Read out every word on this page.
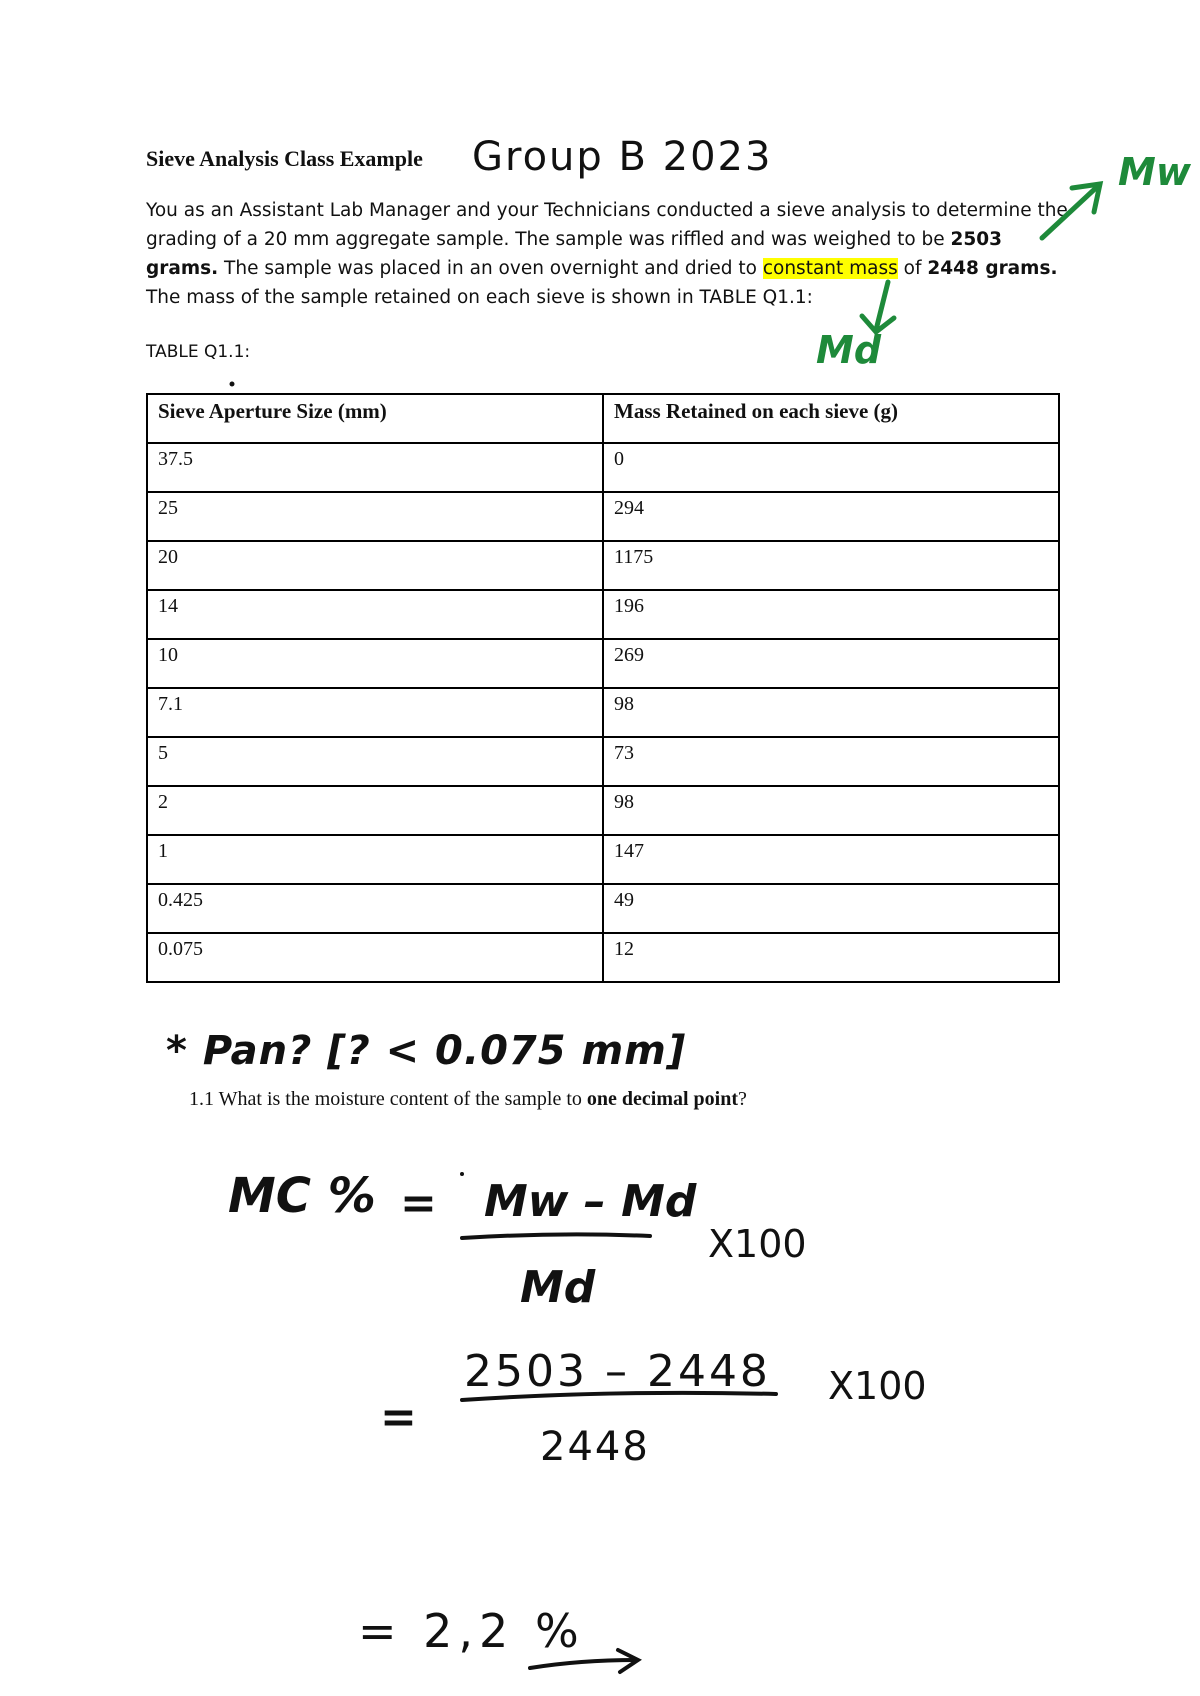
Sieve Analysis Class Example
You as an Assistant Lab Manager and your Technicians conducted a sieve analysis to determine the grading of a 20 mm aggregate sample. The sample was riffled and was weighed to be 2503 grams. The sample was placed in an oven overnight and dried to constant mass of 2448 grams. The mass of the sample retained on each sieve is shown in TABLE Q1.1:
TABLE Q1.1:
Sieve Aperture Size (mm)	Mass Retained on each sieve (g)
37.5	0
25	294
20	1175
14	196
10	269
7.1	98
5	73
2	98
1	147
0.425	49
0.075	12
1.1 What is the moisture content of the sample to one decimal point?
Group B 2023	Mw
Md
* Pan? [? < 0.075 mm]
MC % = Mw – Md
Md
X100
=
2503 – 2448
2448
X100
= 2,2 %
